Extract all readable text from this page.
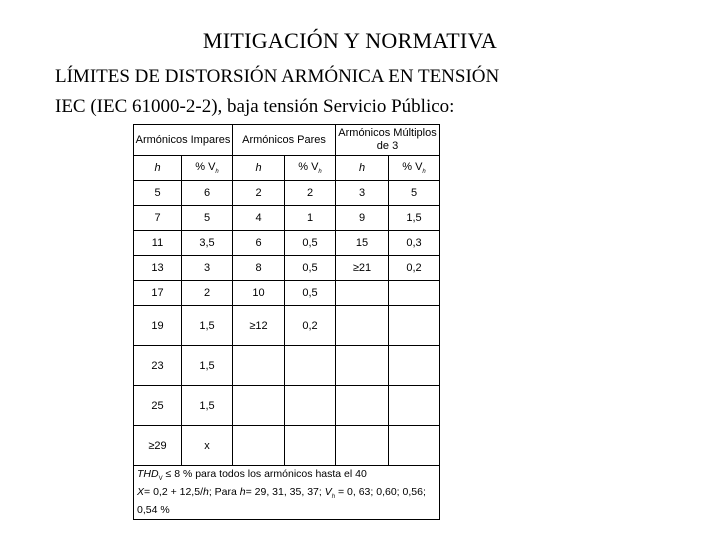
MITIGACIÓN Y NORMATIVA
LÍMITES DE DISTORSIÓN ARMÓNICA EN TENSIÓN
IEC (IEC 61000-2-2), baja tensión Servicio Público:
Armónicos Impares		Armónicos Pares		Armónicos Múltiplos de 3	
h	% $V_h$	h	% $V_h$	h	% $V_h$
5	6	2	2	3	5
7	5	4	1	9	1,5
11	3,5	6	0,5	15	0,3
13	3	8	0,5	≥21	0,2
17	2	10	0,5		
19	1,5	≥12	0,2		
23	1,5				
25	1,5				
≥29	x				
$THD_V \le 8$ % para todos los armónicos hasta el 40
X= 0,2 + 12,5/h; Para h= 29, 31, 35, 37; $V_h = 0$, 63; 0,60; 0,56; 0,54 %					
